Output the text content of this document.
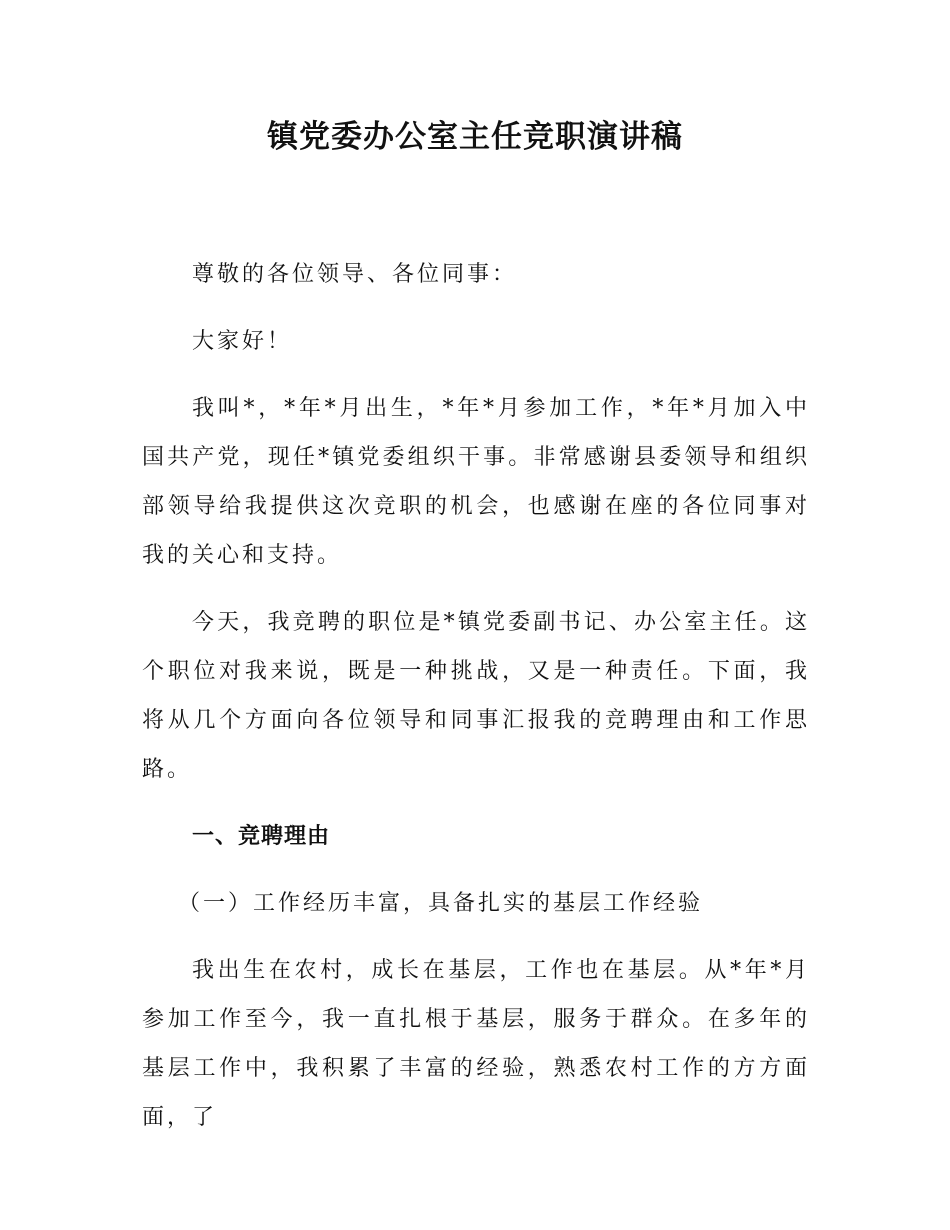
镇党委办公室主任竞职演讲稿

尊敬的各位领导、各位同事：

大家好！

我叫*，*年*月出生，*年*月参加工作，*年*月加入中国共产党，现任*镇党委组织干事。非常感谢县委领导和组织部领导给我提供这次竞职的机会，也感谢在座的各位同事对我的关心和支持。

今天，我竞聘的职位是*镇党委副书记、办公室主任。这个职位对我来说，既是一种挑战，又是一种责任。下面，我将从几个方面向各位领导和同事汇报我的竞聘理由和工作思路。

一、竞聘理由

（一）工作经历丰富，具备扎实的基层工作经验

我出生在农村，成长在基层，工作也在基层。从*年*月参加工作至今，我一直扎根于基层，服务于群众。在多年的基层工作中，我积累了丰富的经验，熟悉农村工作的方方面面，了
